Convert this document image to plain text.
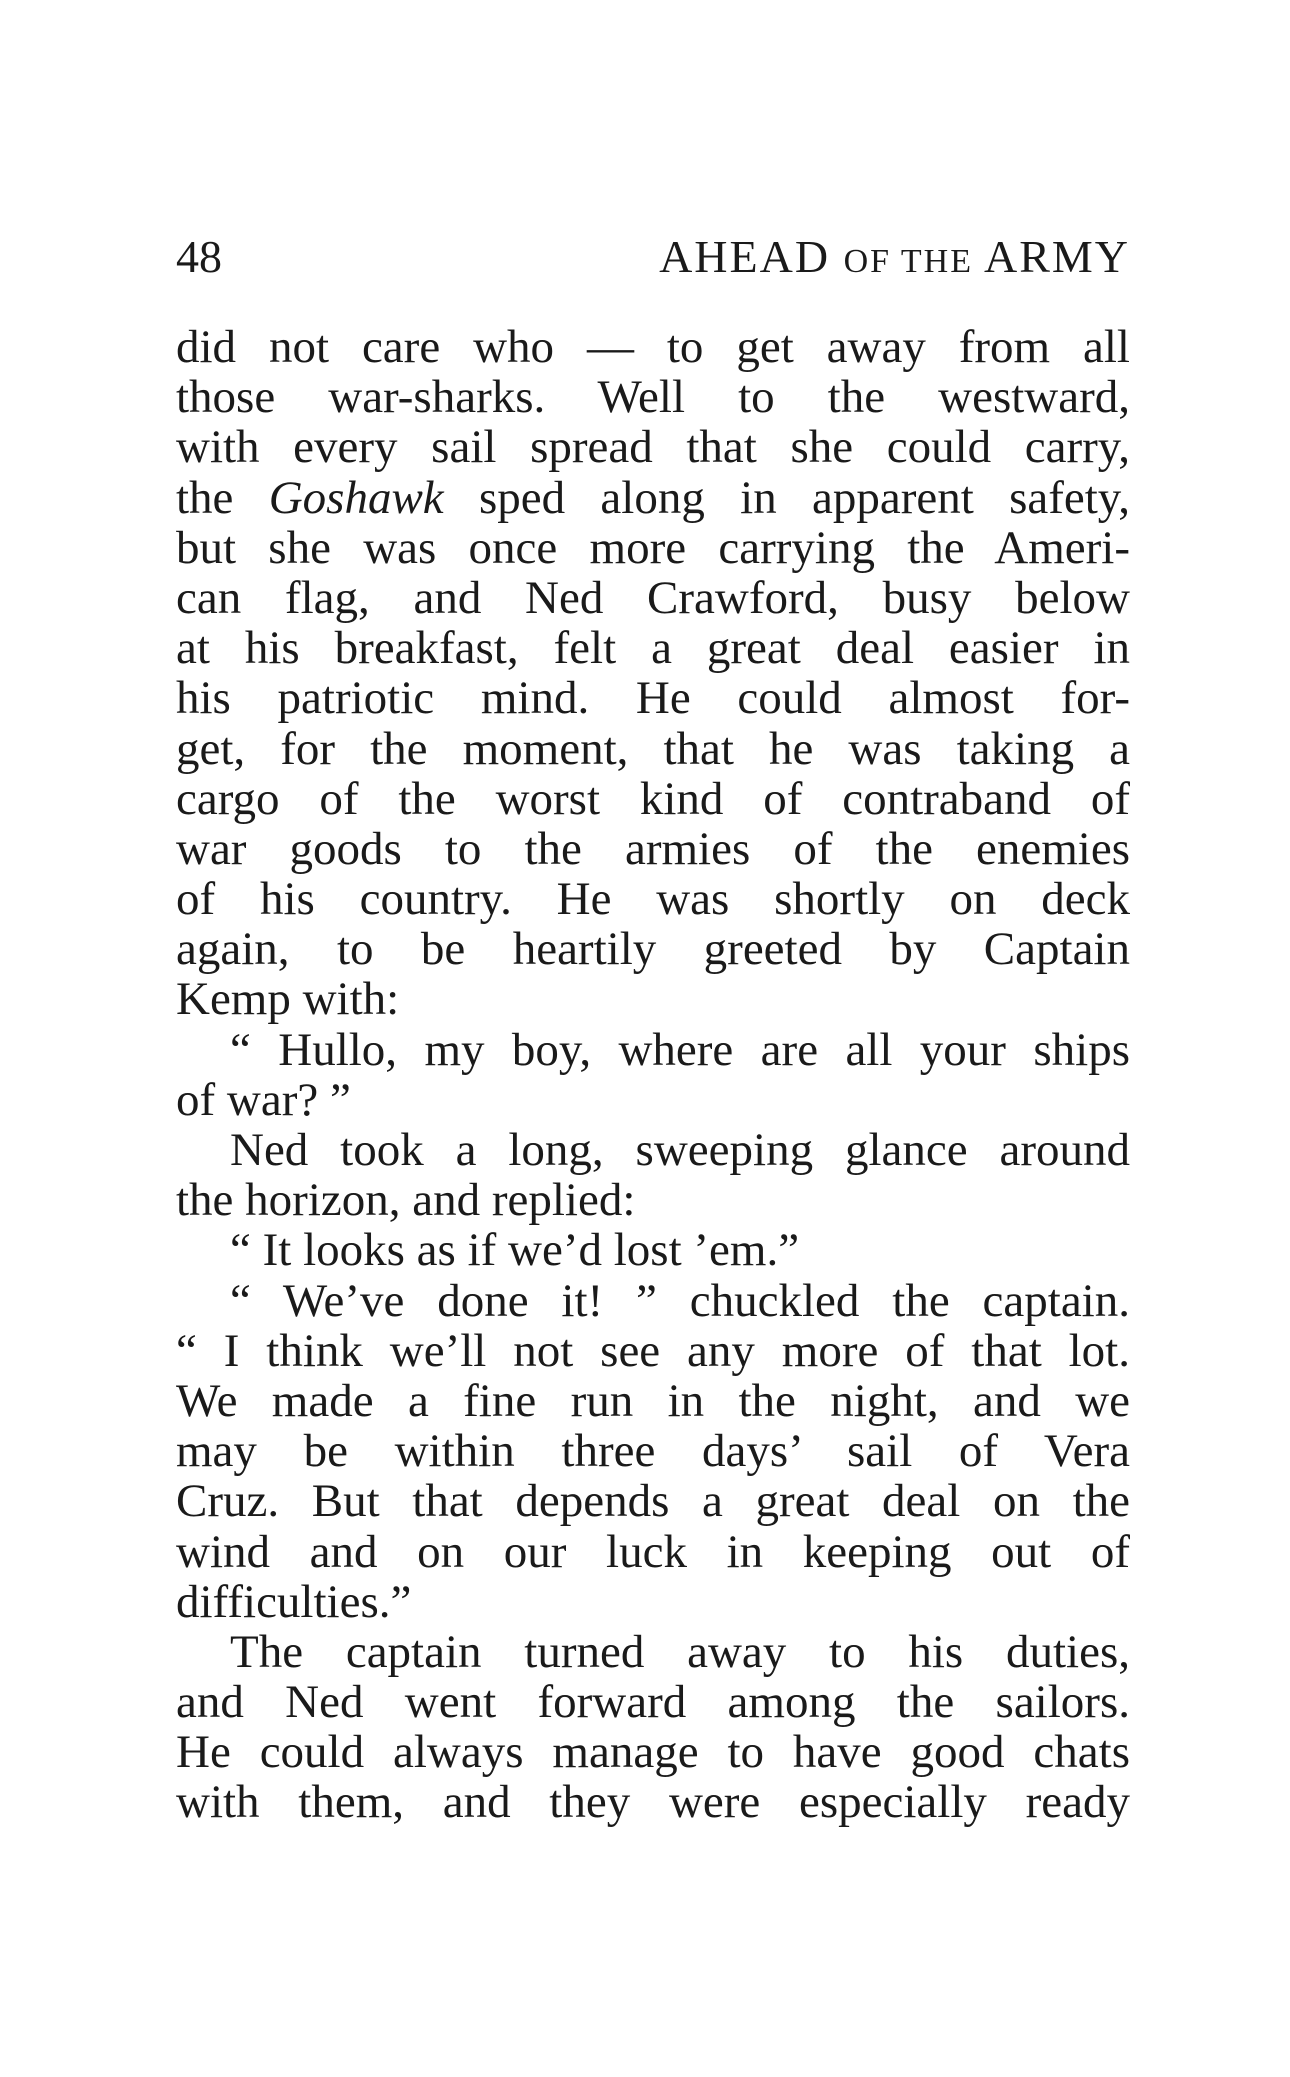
48	AHEAD OF THE ARMY
did not care who — to get away from all
those war-sharks. Well to the westward,
with every sail spread that she could carry,
the Goshawk sped along in apparent safety,
but she was once more carrying the Ameri-
can flag, and Ned Crawford, busy below
at his breakfast, felt a great deal easier in
his patriotic mind. He could almost for-
get, for the moment, that he was taking a
cargo of the worst kind of contraband of
war goods to the armies of the enemies
of his country. He was shortly on deck
again, to be heartily greeted by Captain
Kemp with:
“ Hullo, my boy, where are all your ships
of war? ”
Ned took a long, sweeping glance around
the horizon, and replied:
“ It looks as if we’d lost ’em.”
“ We’ve done it! ” chuckled the captain.
“ I think we’ll not see any more of that lot.
We made a fine run in the night, and we
may be within three days’ sail of Vera
Cruz. But that depends a great deal on the
wind and on our luck in keeping out of
difficulties.”
The captain turned away to his duties,
and Ned went forward among the sailors.
He could always manage to have good chats
with them, and they were especially ready
